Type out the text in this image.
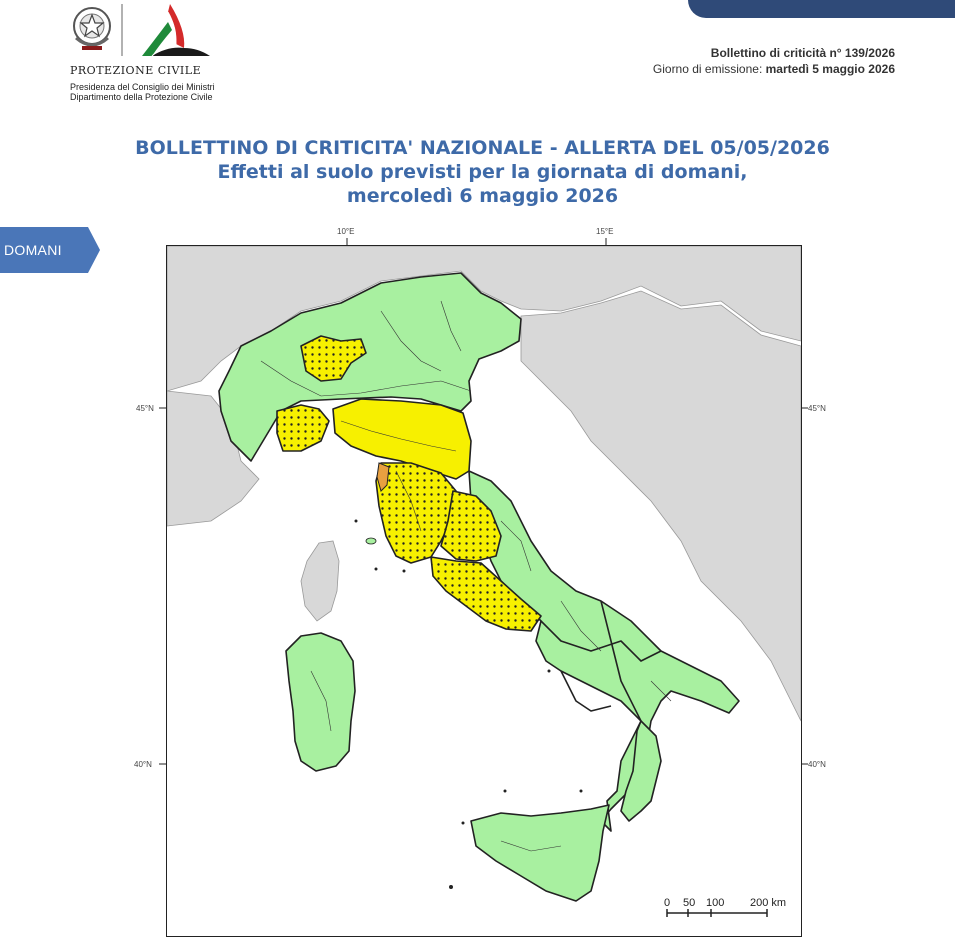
PROTEZIONE CIVILE
Presidenza del Consiglio dei Ministri
Dipartimento della Protezione Civile
Bollettino di criticità n° 139/2026
Giorno di emissione: martedì 5 maggio 2026
BOLLETTINO DI CRITICITA' NAZIONALE - ALLERTA DEL 05/05/2026
Effetti al suolo previsti per la giornata di domani,
mercoledì 6 maggio 2026
DOMANI
10°E	15°E
45°N	45°N
40°N	40°N
0 50 100 200 km
